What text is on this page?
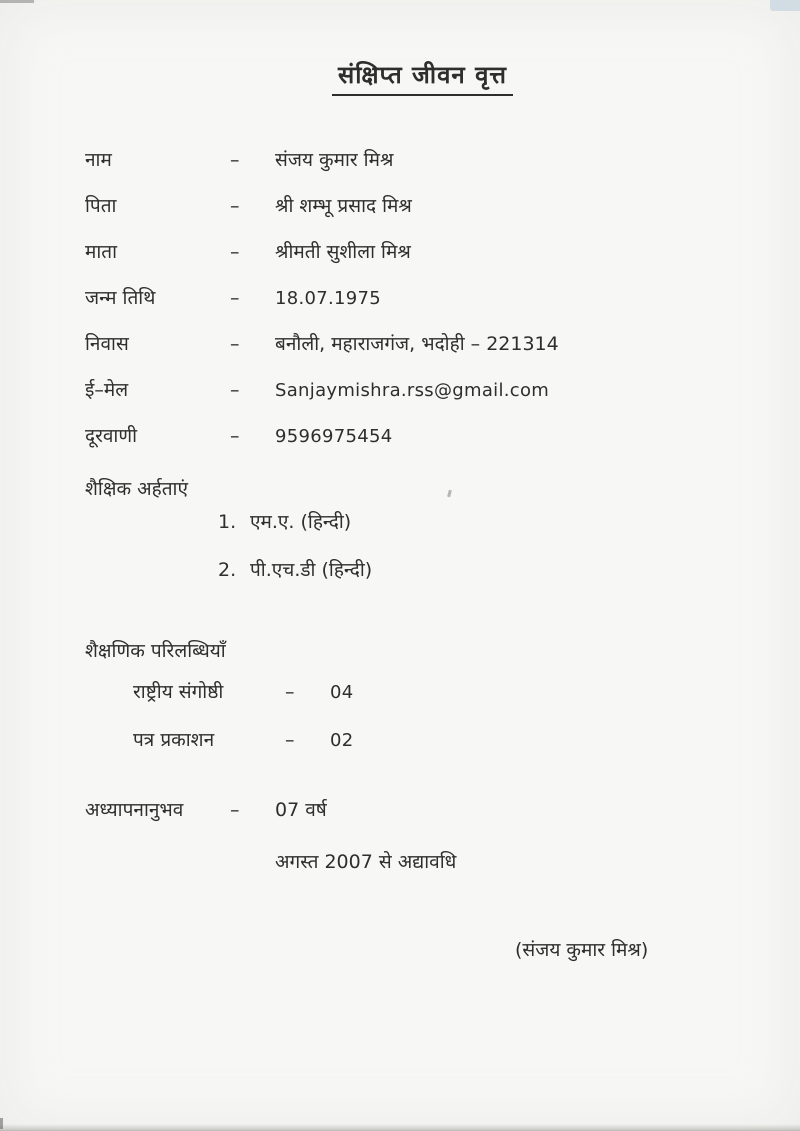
संक्षिप्त जीवन वृत्त
नाम	–	संजय कुमार मिश्र
पिता	–	श्री शम्भू प्रसाद मिश्र
माता	–	श्रीमती सुशीला मिश्र
जन्म तिथि	–	18.07.1975
निवास	–	बनौली, महाराजगंज, भदोही – 221314
ई–मेल	–	Sanjaymishra.rss@gmail.com
दूरवाणी	–	9596975454
शैक्षिक अर्हताएं
1. एम.ए. (हिन्दी)
2. पी.एच.डी (हिन्दी)
शैक्षणिक परिलब्धियाँ
राष्ट्रीय संगोष्ठी	–	04
पत्र प्रकाशन	–	02
अध्यापनानुभव	–	07 वर्ष
अगस्त 2007 से अद्यावधि
(संजय कुमार मिश्र)
